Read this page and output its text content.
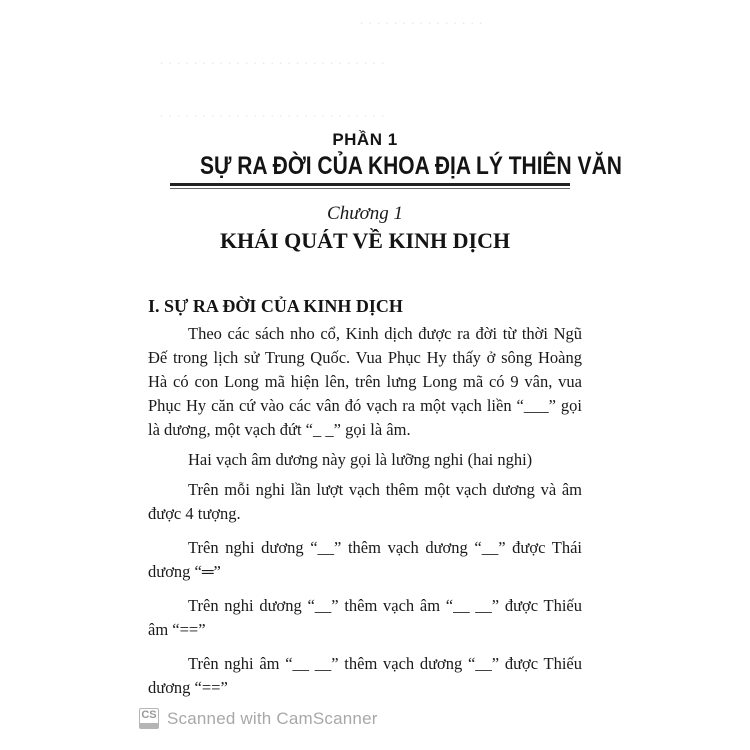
. . . . . . . . . . . . . . .
. . . . . . . . . . . . . . . . . . . . . . . . . . .
. . . . . . . . . . . . . . . . . . . . . . . . . . .
PHẦN 1
SỰ RA ĐỜI CỦA KHOA ĐỊA LÝ THIÊN VĂN
Chương 1
KHÁI QUÁT VỀ KINH DỊCH
I. SỰ RA ĐỜI CỦA KINH DỊCH

Theo các sách nho cổ, Kinh dịch được ra đời từ thời Ngũ Đế trong lịch sử Trung Quốc. Vua Phục Hy thấy ở sông Hoàng Hà có con Long mã hiện lên, trên lưng Long mã có 9 vân, vua Phục Hy căn cứ vào các vân đó vạch ra một vạch liền “___” gọi là dương, một vạch đứt “_ _” gọi là âm.

Hai vạch âm dương này gọi là lưỡng nghi (hai nghi)

Trên mỗi nghi lần lượt vạch thêm một vạch dương và âm được 4 tượng.

Trên nghi dương “__” thêm vạch dương “__” được Thái dương “═”

Trên nghi dương “__” thêm vạch âm “__ __” được Thiếu âm “==”

Trên nghi âm “__ __” thêm vạch dương “__” được Thiếu dương “==”

CS Scanned with CamScanner
